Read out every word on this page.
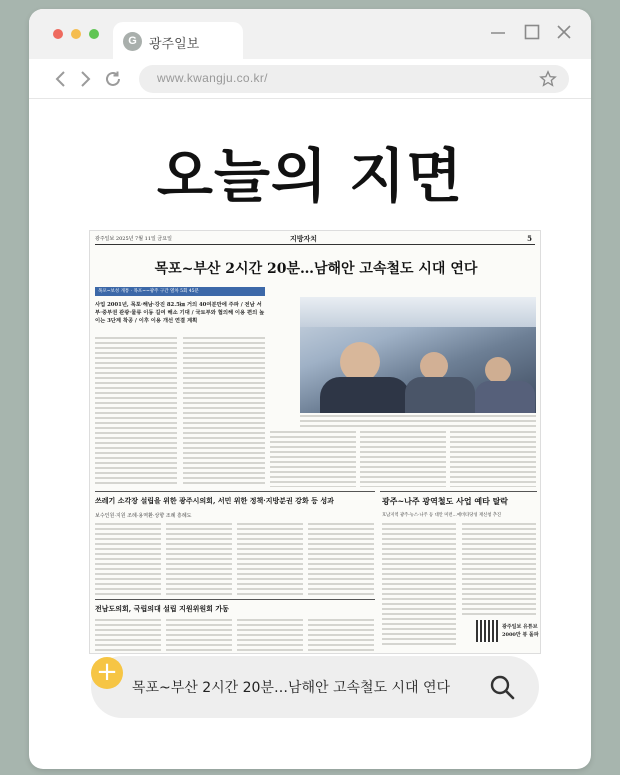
G 광주일보
www.kwangju.co.kr/
오늘의 지면
광주일보 2025년 7월 11일 금요일	지방자치	5
목포~부산 2시간 20분…남해안 고속철도 시대 연다
목포~보성 개통 · 목포~~광주 구간 열차 5회 45분
사업 2001년, 목포·해남·강진 82.5㎞ 거의 40여분만에 주파 / 전남 서부·중부권 관광·물류 이동 길여 해소 기대 / 국토부와 협의해 이용 편의 높이는 3단계 착공 / 이후 이용 개선 연결 계획
쓰레기 소각장 설립을 위한 광주시의회, 서민 위한 정책·지방분권 강화 등 성과
보수인원·지원 조례·용역환·상향 조례 흥례도
광주~나주 광역철도 사업 예타 탈락
호남지역 광주-뉴스·나주 등 대안 미련…예비타당성 재신청 추진
광주일보 유튜브
2000만 뷰 돌파
전남도의회, 국립의대 설립 지원위원회 가동
목포~부산 2시간 20분…남해안 고속철도 시대 연다
+
